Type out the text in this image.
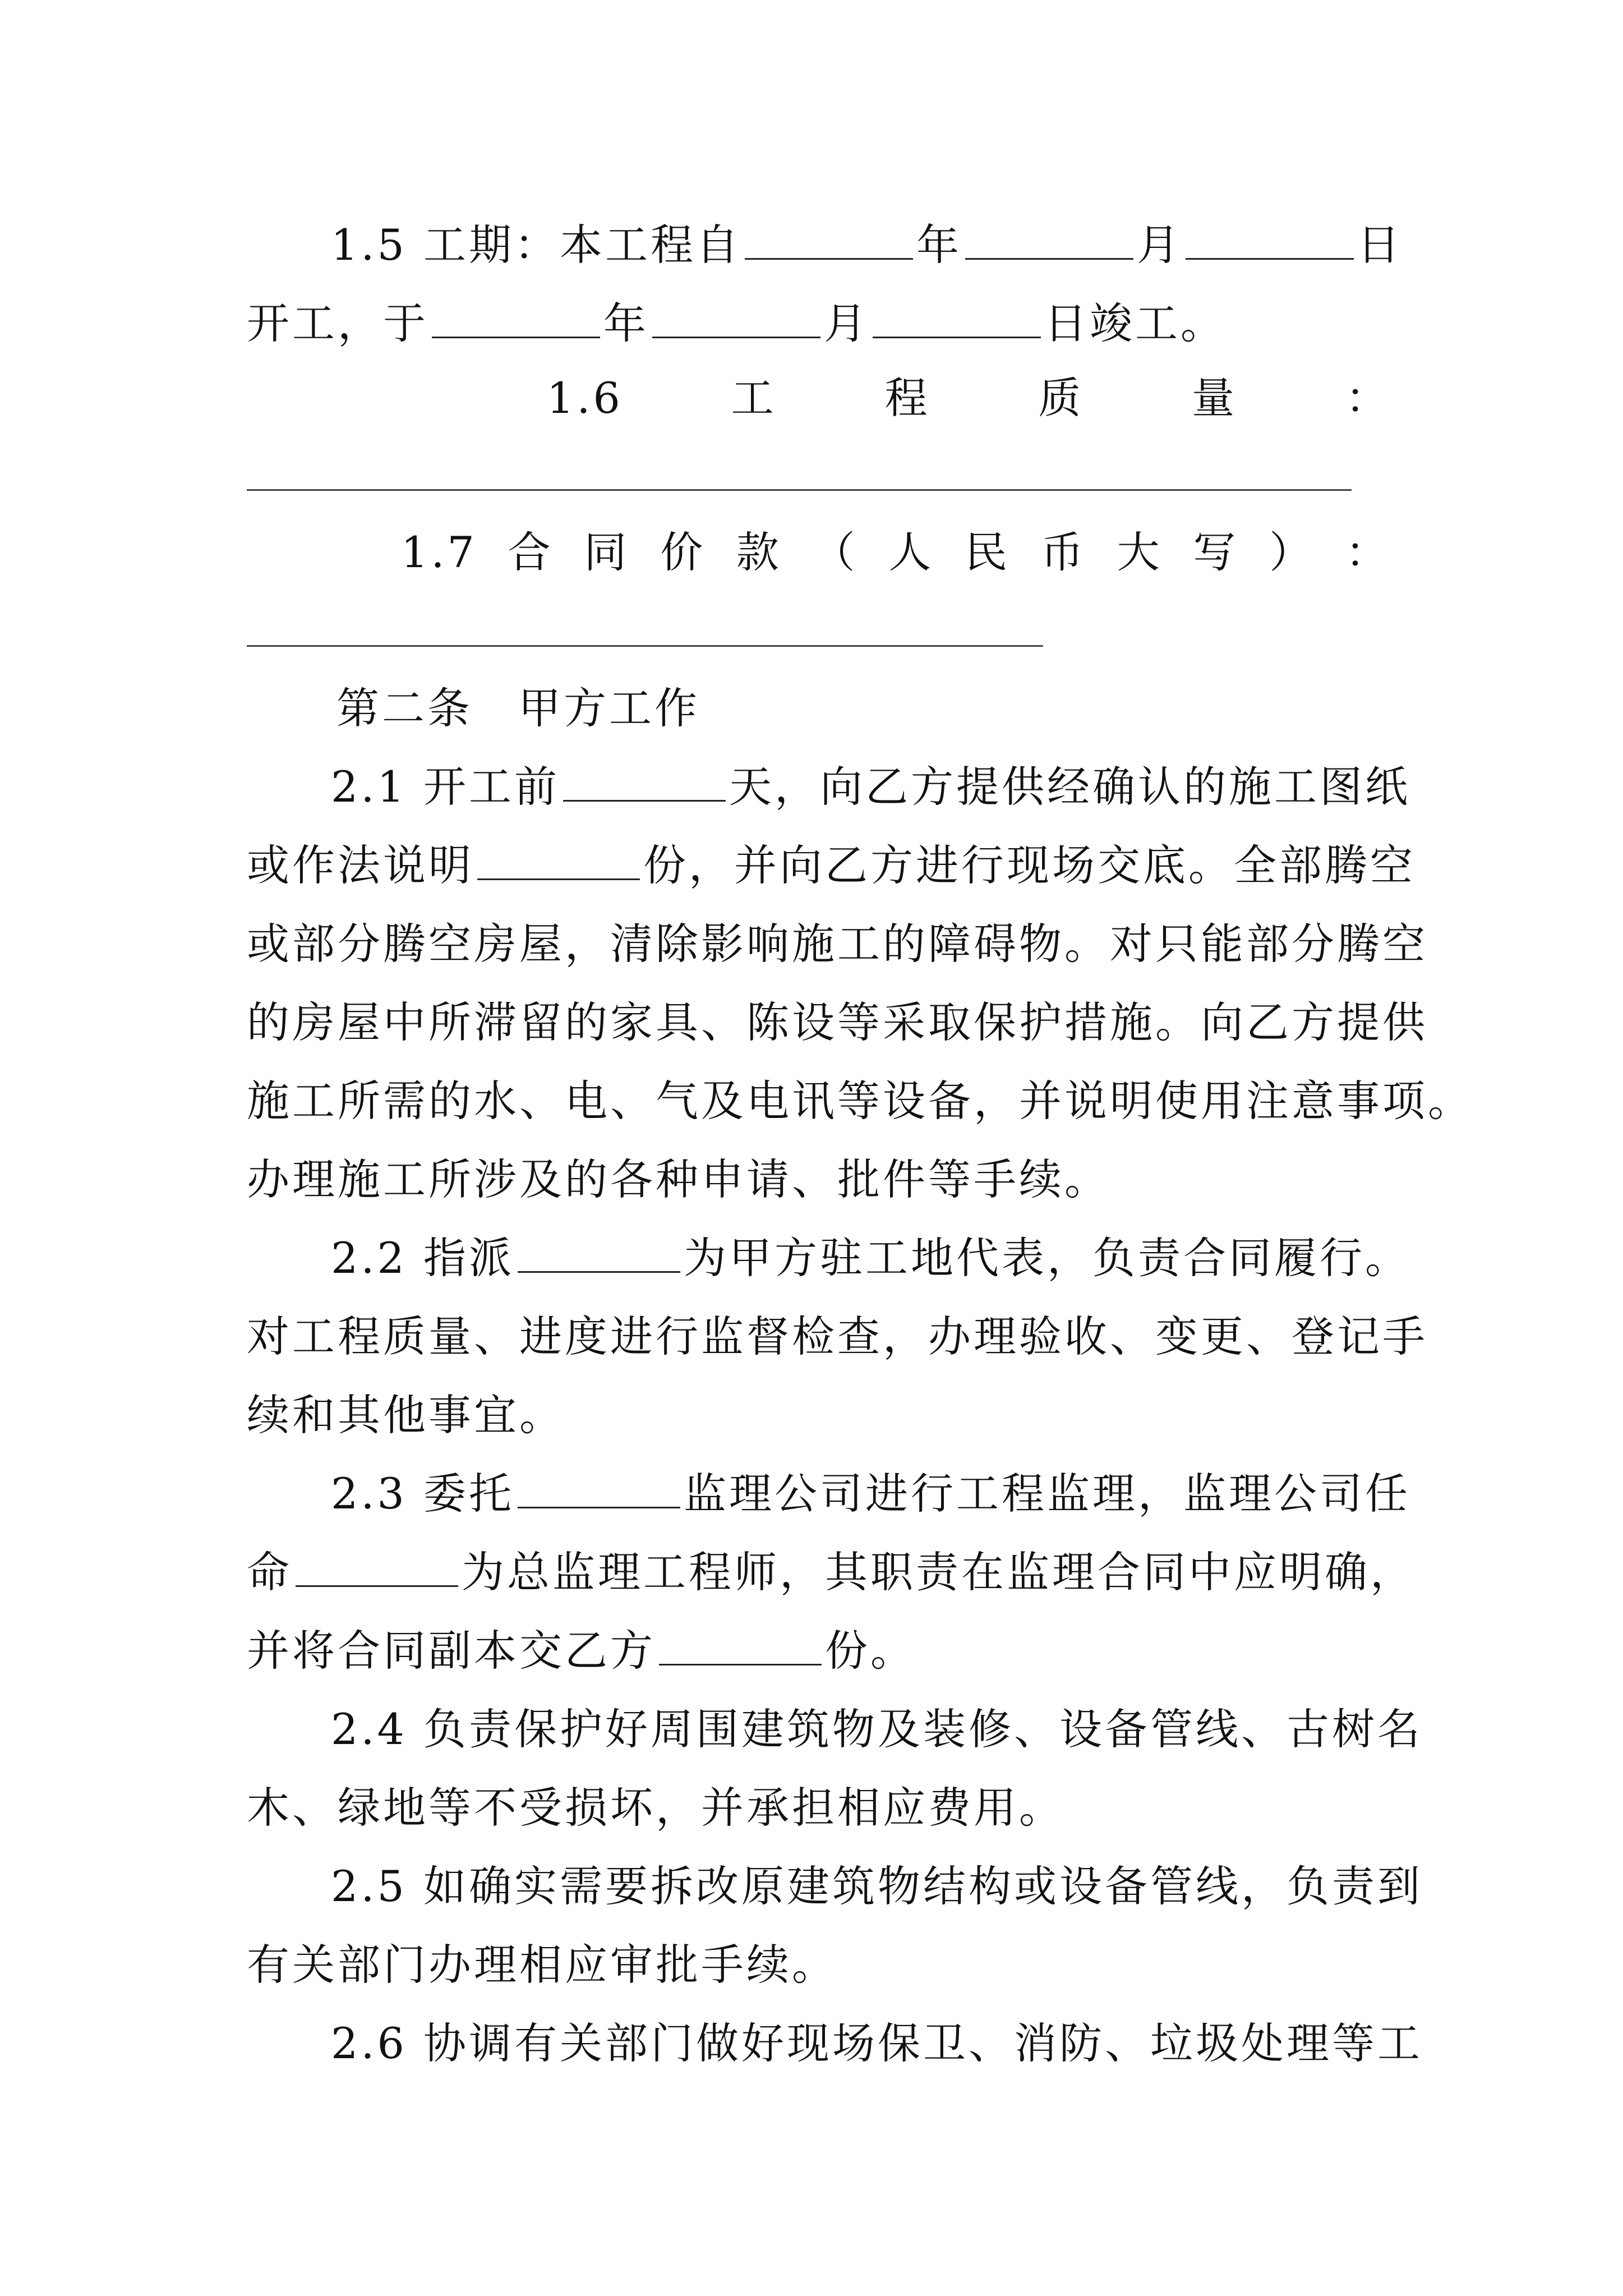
1.5 工期：本工程自	年	月	日
开工，于	年	月	日竣工。
1.6	工	程	质	量	：
1.7 合 同 价 款 （ 人 民 币 大 写 ） ：
第二条　甲方工作
2.1 开工前	天，向乙方提供经确认的施工图纸
或作法说明	份，并向乙方进行现场交底。全部腾空
或部分腾空房屋，清除影响施工的障碍物。对只能部分腾空
的房屋中所滞留的家具、陈设等采取保护措施。向乙方提供
施工所需的水、电、气及电讯等设备，并说明使用注意事项。
办理施工所涉及的各种申请、批件等手续。
2.2 指派	为甲方驻工地代表，负责合同履行。
对工程质量、进度进行监督检查，办理验收、变更、登记手
续和其他事宜。
2.3 委托	监理公司进行工程监理，监理公司任
命	为总监理工程师，其职责在监理合同中应明确，
并将合同副本交乙方	份。
2.4 负责保护好周围建筑物及装修、设备管线、古树名
木、绿地等不受损坏，并承担相应费用。
2.5 如确实需要拆改原建筑物结构或设备管线，负责到
有关部门办理相应审批手续。
2.6 协调有关部门做好现场保卫、消防、垃圾处理等工
